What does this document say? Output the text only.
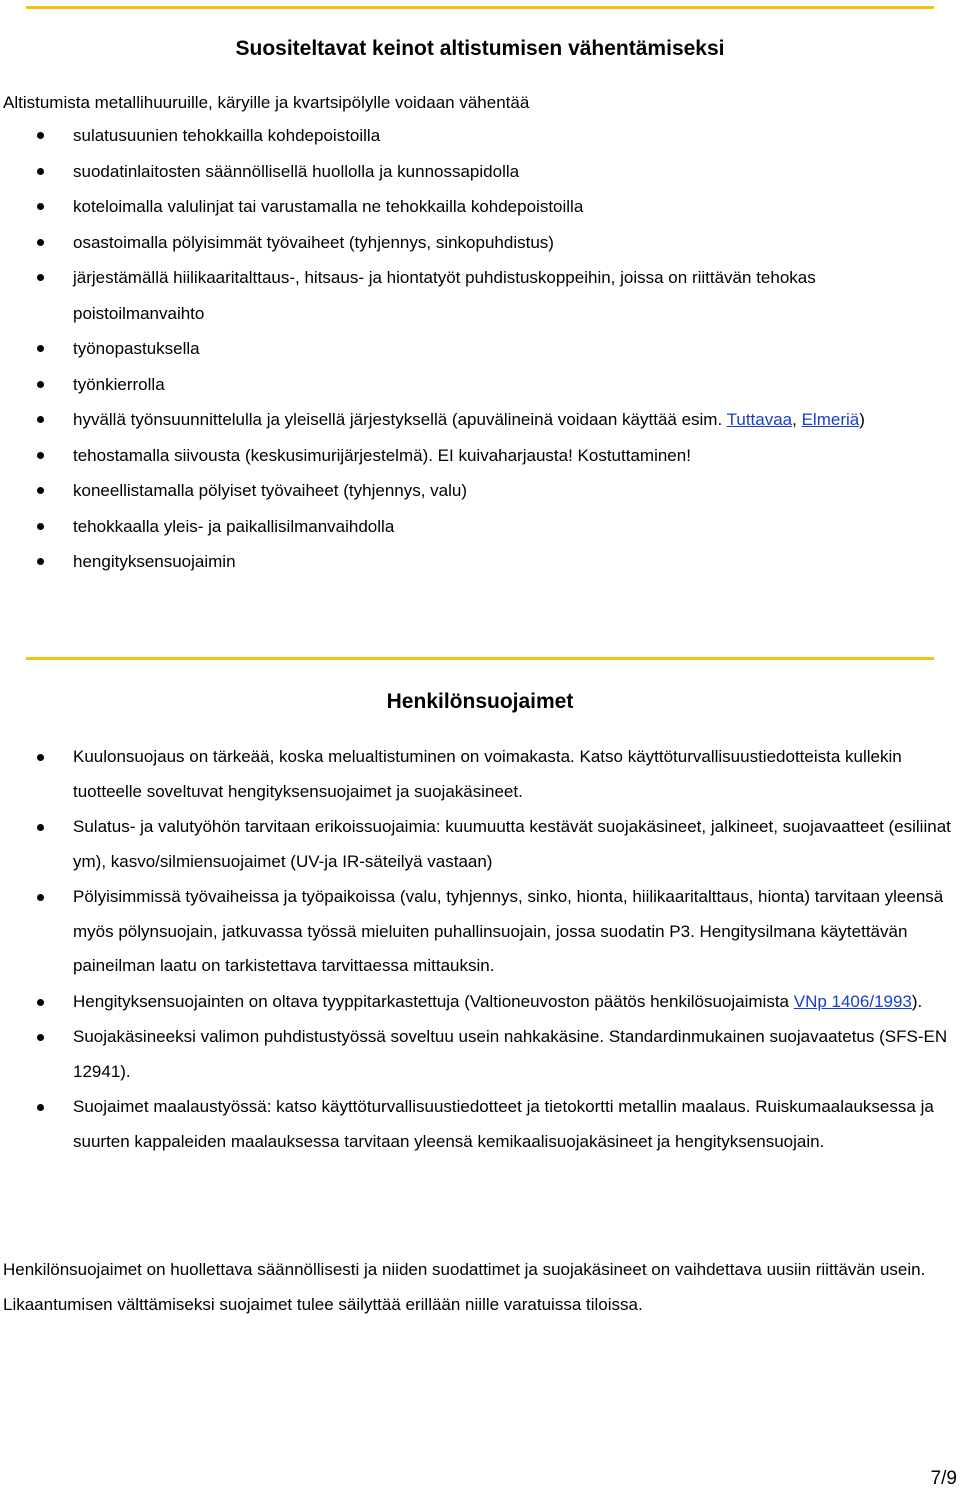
Suositeltavat keinot altistumisen vähentämiseksi

Altistumista metallihuuruille, käryille ja kvartsipölylle voidaan vähentää

sulatusuunien tehokkailla kohdepoistoilla
suodatinlaitosten säännöllisellä huollolla ja kunnossapidolla
koteloimalla valulinjat tai varustamalla ne tehokkailla kohdepoistoilla
osastoimalla pölyisimmät työvaiheet (tyhjennys, sinkopuhdistus)
järjestämällä hiilikaaritalttaus-, hitsaus- ja hiontatyöt puhdistuskoppeihin, joissa on riittävän tehokas poistoilmanvaihto
työnopastuksella
työnkierrolla
hyvällä työnsuunnittelulla ja yleisellä järjestyksellä (apuvälineinä voidaan käyttää esim. Tuttavaa, Elmeriä)
tehostamalla siivousta (keskusimurijärjestelmä). EI kuivaharjausta! Kostuttaminen!
koneellistamalla pölyiset työvaiheet (tyhjennys, valu)
tehokkaalla yleis- ja paikallisilmanvaihdolla
hengityksensuojaimin
Henkilönsuojaimet
Kuulonsuojaus on tärkeää, koska melualtistuminen on voimakasta. Katso käyttöturvallisuustiedotteista kullekin tuotteelle soveltuvat hengityksensuojaimet ja suojakäsineet.
Sulatus- ja valutyöhön tarvitaan erikoissuojaimia: kuumuutta kestävät suojakäsineet, jalkineet, suojavaatteet (esiliinat ym), kasvo/silmiensuojaimet (UV-ja IR-säteilyä vastaan)
Pölyisimmissä työvaiheissa ja työpaikoissa (valu, tyhjennys, sinko, hionta, hiilikaaritalttaus, hionta) tarvitaan yleensä myös pölynsuojain, jatkuvassa työssä mieluiten puhallinsuojain, jossa suodatin P3. Hengitysilmana käytettävän paineilman laatu on tarkistettava tarvittaessa mittauksin.
Hengityksensuojainten on oltava tyyppitarkastettuja (Valtioneuvoston päätös henkilösuojaimista VNp 1406/1993).
Suojakäsineeksi valimon puhdistustyössä soveltuu usein nahkakäsine. Standardinmukainen suojavaatetus (SFS-EN 12941).
Suojaimet maalaustyössä: katso käyttöturvallisuustiedotteet ja tietokortti metallin maalaus. Ruiskumaalauksessa ja suurten kappaleiden maalauksessa tarvitaan yleensä kemikaalisuojakäsineet ja hengityksensuojain.

Henkilönsuojaimet on huollettava säännöllisesti ja niiden suodattimet ja suojakäsineet on vaihdettava uusiin riittävän usein. Likaantumisen välttämiseksi suojaimet tulee säilyttää erillään niille varatuissa tiloissa.

7/9
